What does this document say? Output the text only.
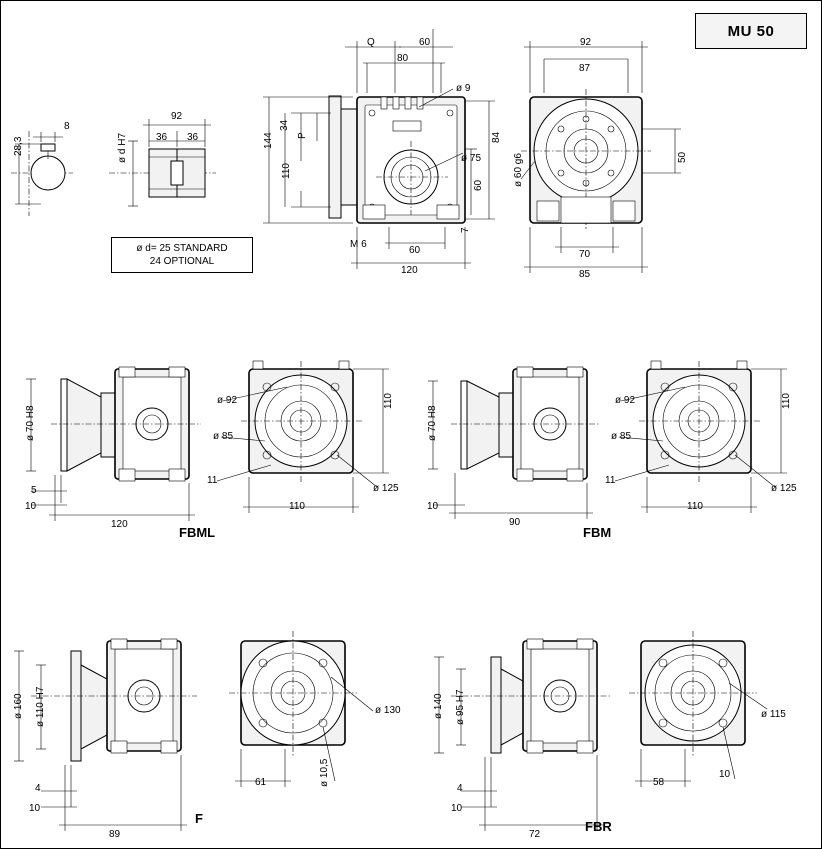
MU 50
ø d= 25 STANDARD
24 OPTIONAL
28,3
8
ø d H7
92
36 36
Q	60
80
ø 9
34
P
144
110
ø 75
84
60
7
M 6
60
120
92
87
50
ø 60 g6
70
85
ø 70 H8
5
10
120
ø 92
ø 85
11
110
110
ø 125
FBML
ø 70 H8
10
90
ø 92
ø 85
11
110
110
ø 125
FBM
ø 160 ø 110 H7
4
10
89
61
ø 130
ø 10,5
F
ø 140 ø 95 H7
4
10
72
58
ø 115
10
FBR
